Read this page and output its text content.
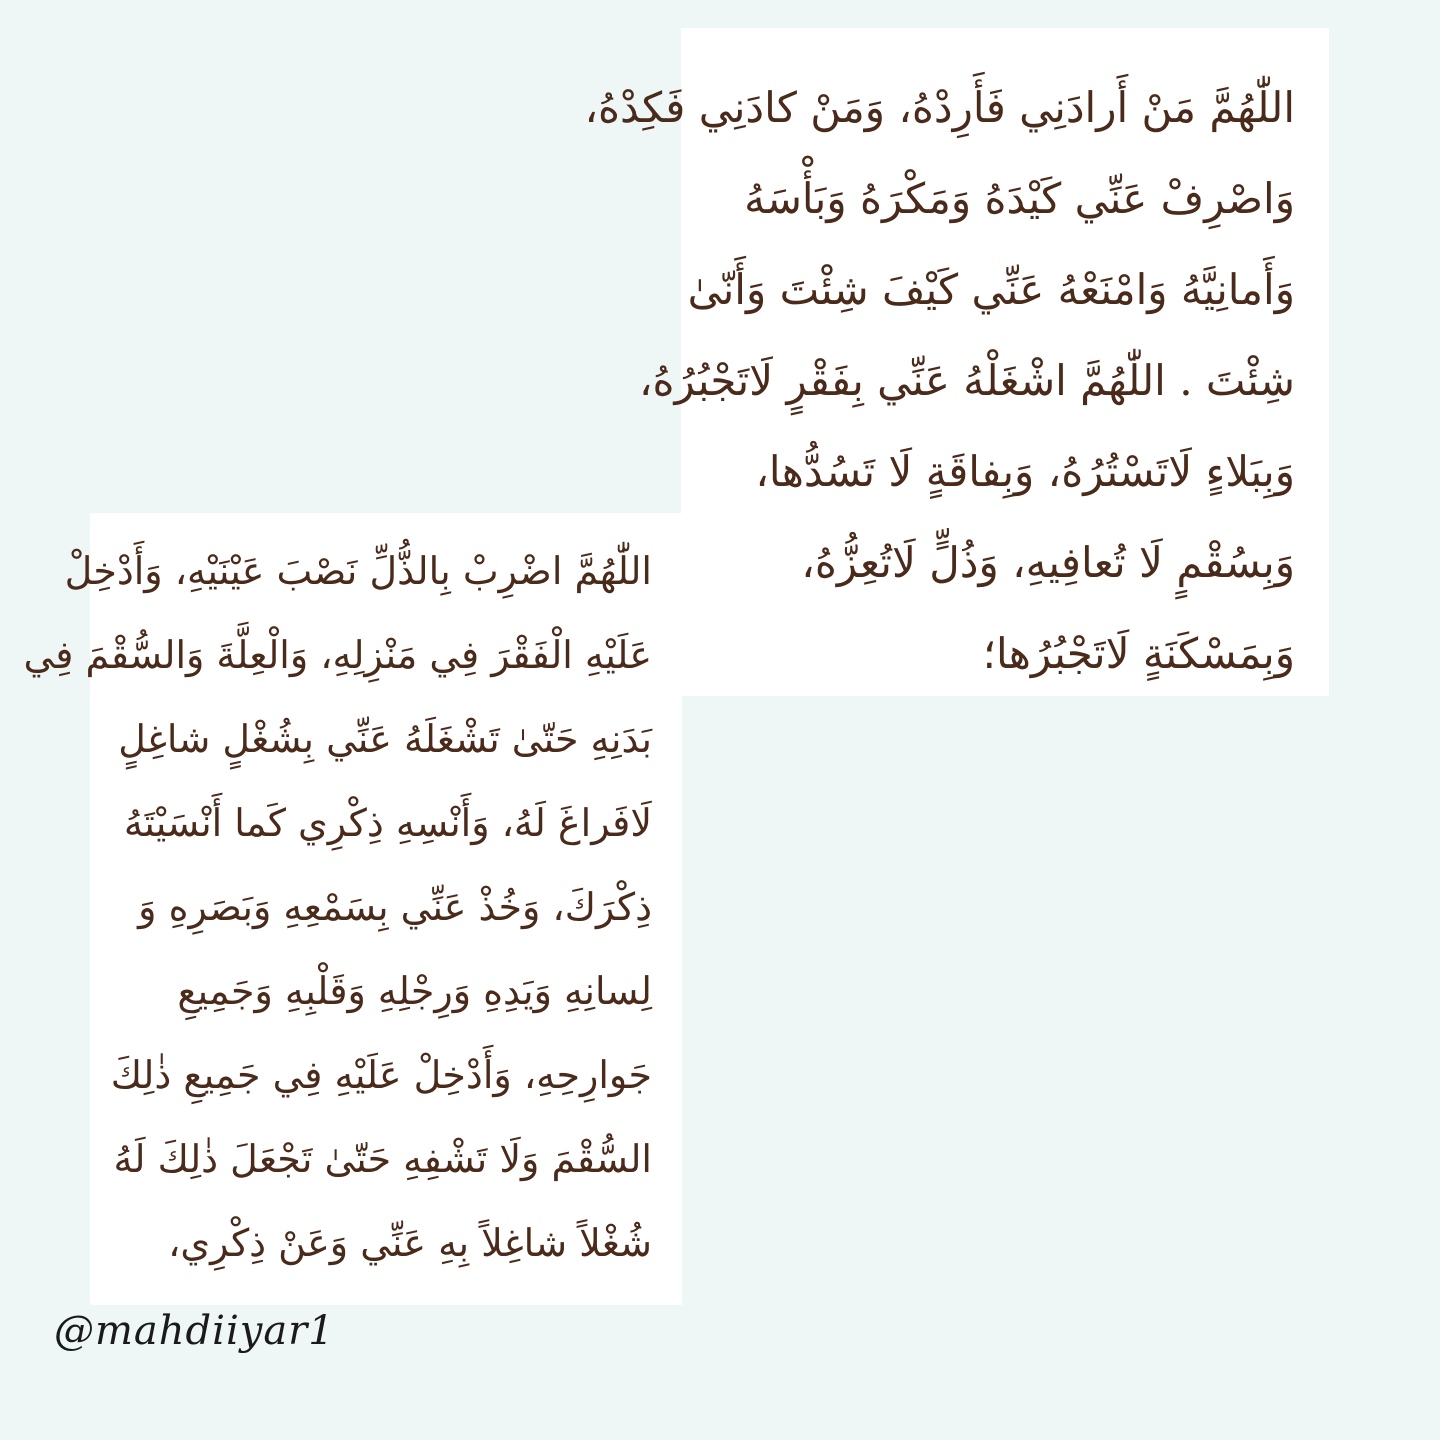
اللّٰهُمَّ مَنْ أَرادَنِي فَأَرِدْهُ، وَمَنْ كادَنِي فَكِدْهُ،
وَاصْرِفْ عَنِّي كَيْدَهُ وَمَكْرَهُ وَبَأْسَهُ
وَأَمانِيَّهُ وَامْنَعْهُ عَنِّي كَيْفَ شِئْتَ وَأَنّىٰ
شِئْتَ . اللّٰهُمَّ اشْغَلْهُ عَنِّي بِفَقْرٍ لَاتَجْبُرُهُ،
وَبِبَلاءٍ لَاتَسْتُرُهُ، وَبِفاقَةٍ لَا تَسُدُّها،
وَبِسُقْمٍ لَا تُعافِيهِ، وَذُلٍّ لَاتُعِزُّهُ،
وَبِمَسْكَنَةٍ لَاتَجْبُرُها؛
اللّٰهُمَّ اضْرِبْ بِالذُّلِّ نَصْبَ عَيْنَيْهِ، وَأَدْخِلْ
عَلَيْهِ الْفَقْرَ فِي مَنْزِلِهِ، وَالْعِلَّةَ وَالسُّقْمَ فِي
بَدَنِهِ حَتّىٰ تَشْغَلَهُ عَنِّي بِشُغْلٍ شاغِلٍ
لَافَراغَ لَهُ، وَأَنْسِهِ ذِكْرِي كَما أَنْسَيْتَهُ
ذِكْرَكَ، وَخُذْ عَنِّي بِسَمْعِهِ وَبَصَرِهِ وَ
لِسانِهِ وَيَدِهِ وَرِجْلِهِ وَقَلْبِهِ وَجَمِيعِ
جَوارِحِهِ، وَأَدْخِلْ عَلَيْهِ فِي جَمِيعِ ذٰلِكَ
السُّقْمَ وَلَا تَشْفِهِ حَتّىٰ تَجْعَلَ ذٰلِكَ لَهُ
شُغْلاً شاغِلاً بِهِ عَنِّي وَعَنْ ذِكْرِي،
@mahdiiyar1
